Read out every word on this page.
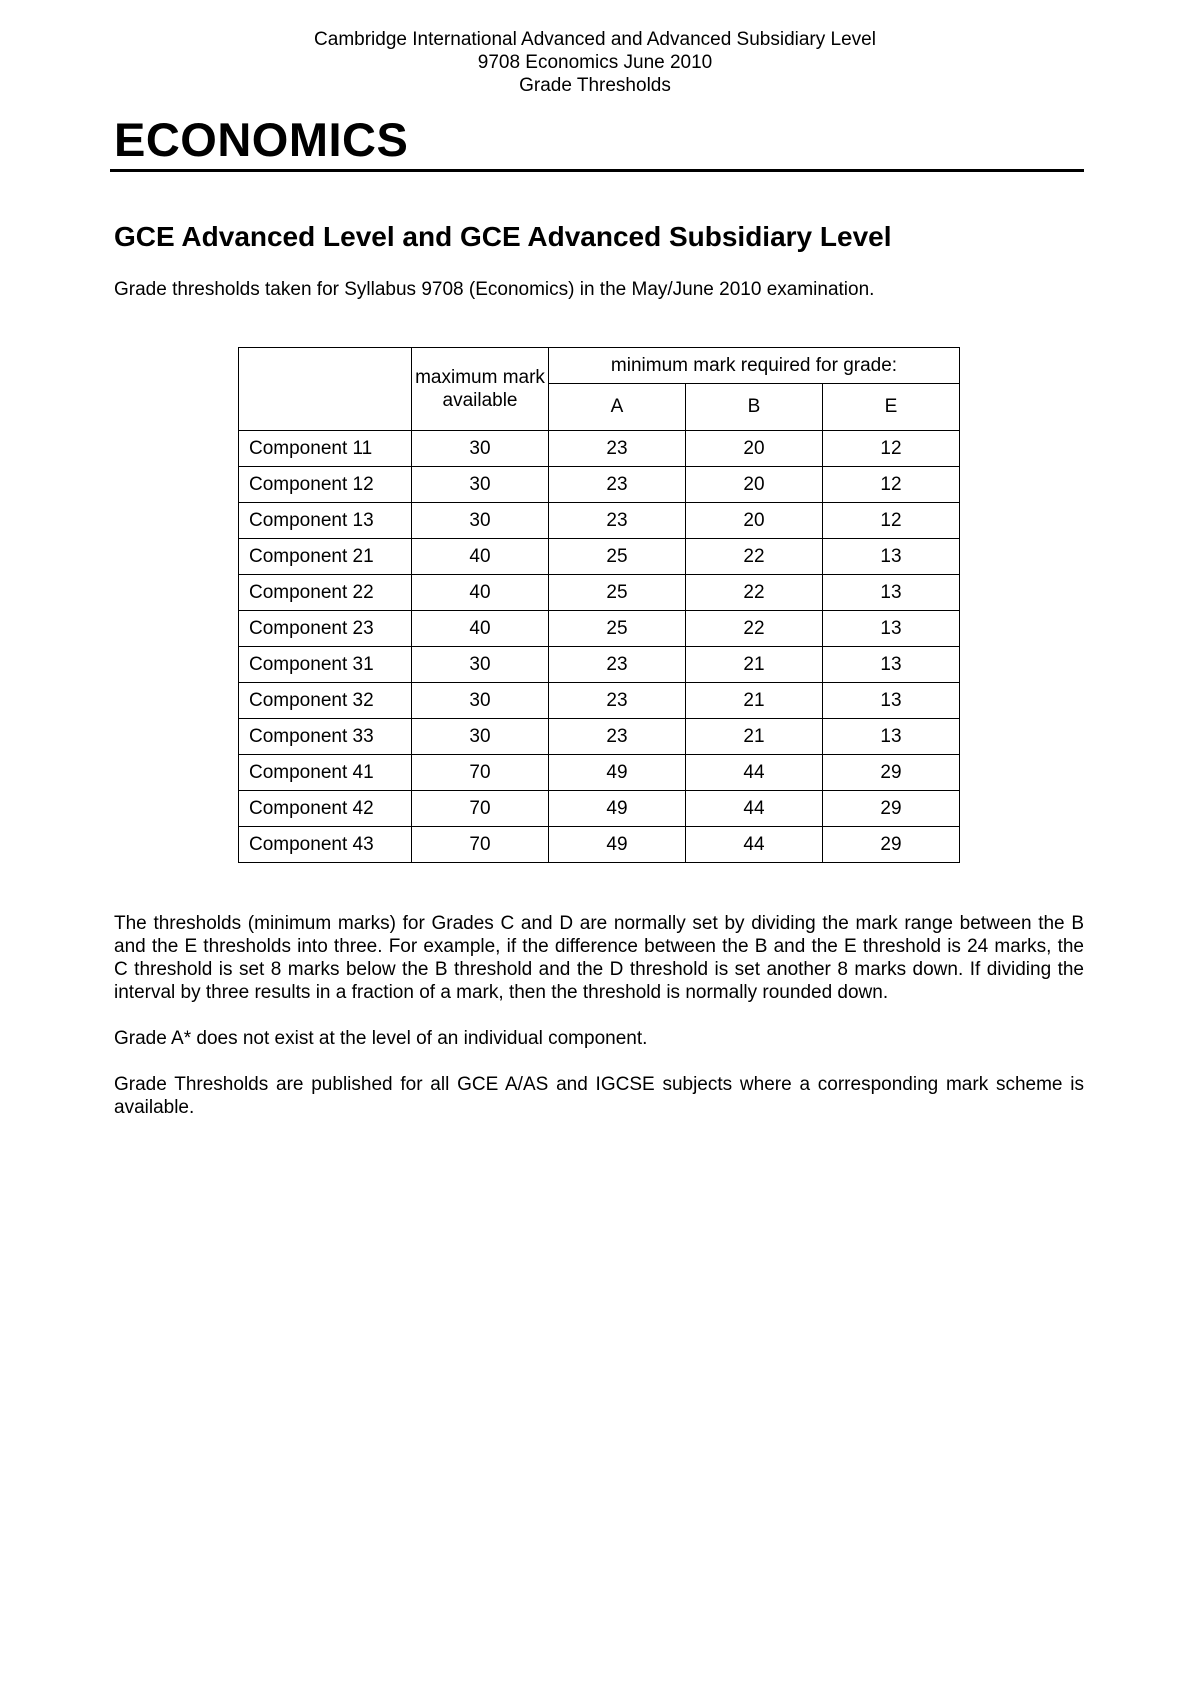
Cambridge International Advanced and Advanced Subsidiary Level
9708 Economics June 2010
Grade Thresholds
ECONOMICS
GCE Advanced Level and GCE Advanced Subsidiary Level
Grade thresholds taken for Syllabus 9708 (Economics) in the May/June 2010 examination.
	maximum mark available	minimum mark required for grade:		
		A	B	E
Component 11	30	23	20	12
Component 12	30	23	20	12
Component 13	30	23	20	12
Component 21	40	25	22	13
Component 22	40	25	22	13
Component 23	40	25	22	13
Component 31	30	23	21	13
Component 32	30	23	21	13
Component 33	30	23	21	13
Component 41	70	49	44	29
Component 42	70	49	44	29
Component 43	70	49	44	29

The thresholds (minimum marks) for Grades C and D are normally set by dividing the mark range between the B and the E thresholds into three. For example, if the difference between the B and the E threshold is 24 marks, the C threshold is set 8 marks below the B threshold and the D threshold is set another 8 marks down. If dividing the interval by three results in a fraction of a mark, then the threshold is normally rounded down.

Grade A* does not exist at the level of an individual component.

Grade Thresholds are published for all GCE A/AS and IGCSE subjects where a corresponding mark scheme is available.
